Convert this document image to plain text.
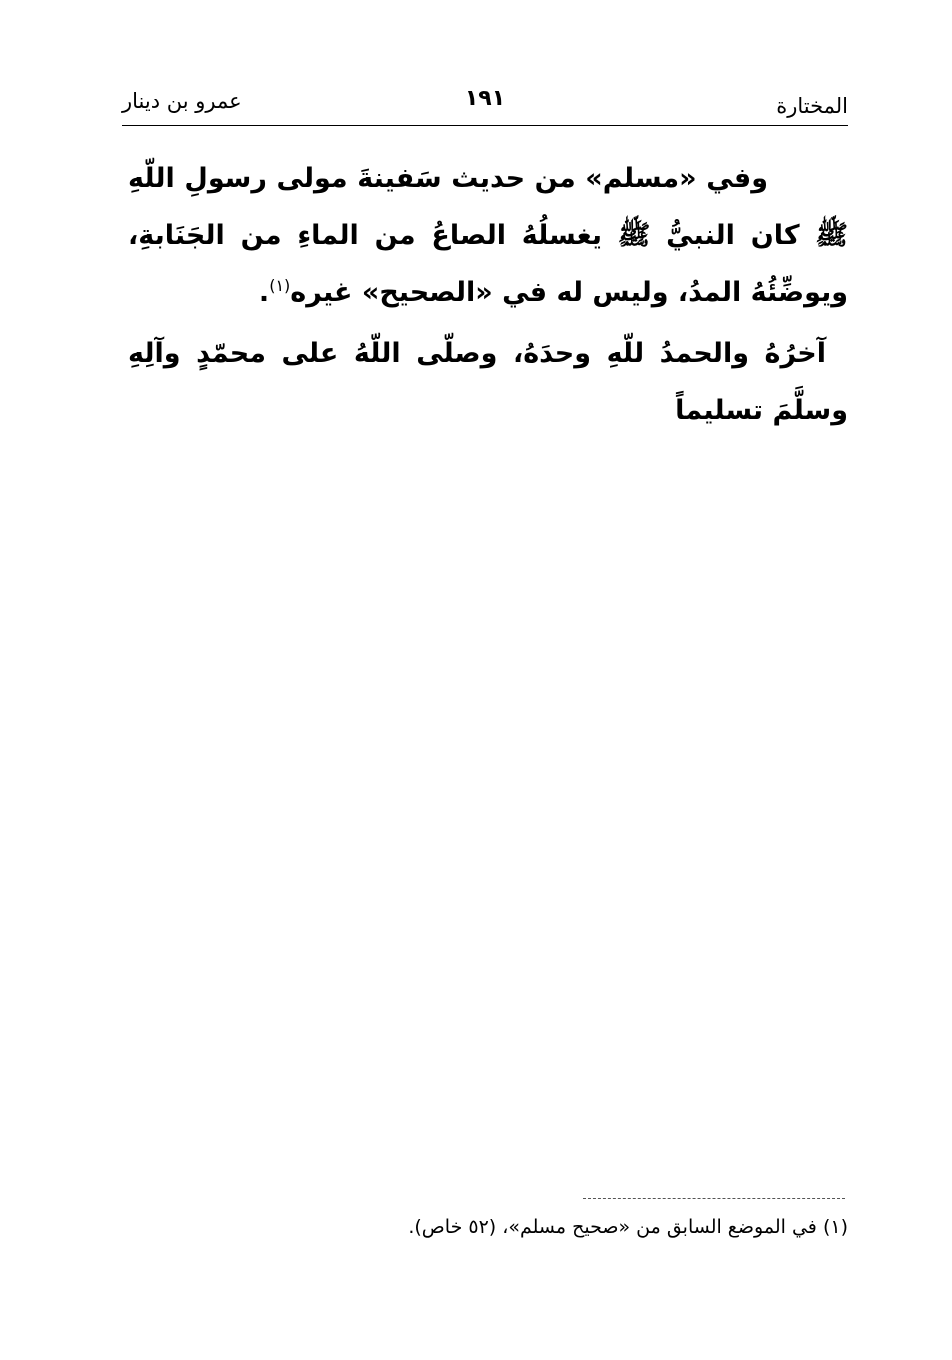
المختارة
١٩١
عمرو بن دينار

وفي «مسلم» من حديث سَفينةَ مولى رسولِ اللّهِ ﷺ كان النبيُّ ﷺ يغسلُهُ الصاعُ من الماءِ من الجَنَابةِ، ويوضِّئُهُ المدُ، وليس له في «الصحيح» غيره$^{(١)}$.

آخرُهُ والحمدُ للّهِ وحدَهُ، وصلّى اللّهُ على محمّدٍ وآلِهِ وسلَّمَ تسليماً

(١) في الموضع السابق من «صحيح مسلم»، (٥٢ خاص).
